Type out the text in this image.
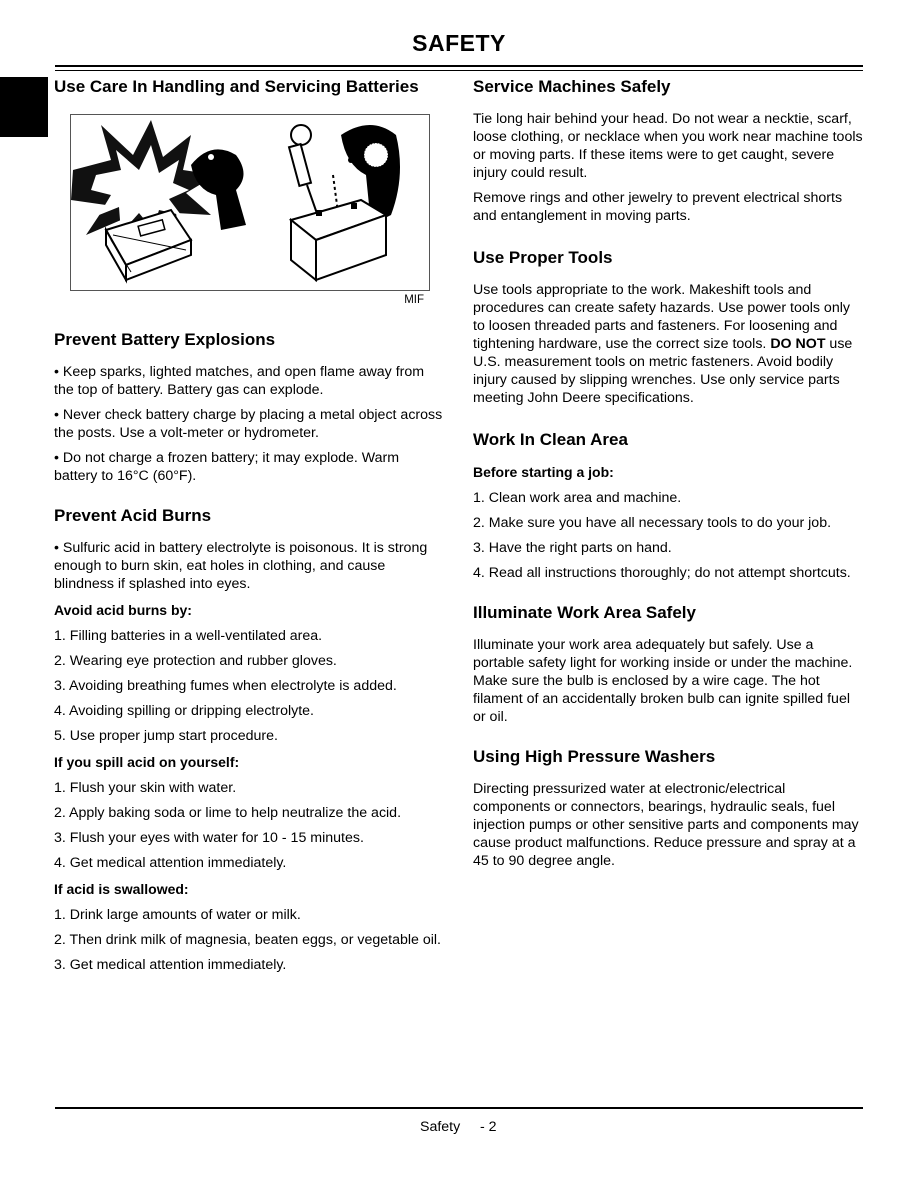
SAFETY
Use Care In Handling and Servicing Batteries
MIF
Prevent Battery Explosions

• Keep sparks, lighted matches, and open flame away from the top of battery. Battery gas can explode.

• Never check battery charge by placing a metal object across the posts. Use a volt-meter or hydrometer.

• Do not charge a frozen battery; it may explode. Warm battery to 16°C (60°F).

Prevent Acid Burns

• Sulfuric acid in battery electrolyte is poisonous. It is strong enough to burn skin, eat holes in clothing, and cause blindness if splashed into eyes.

Avoid acid burns by:

1. Filling batteries in a well-ventilated area.

2. Wearing eye protection and rubber gloves.

3. Avoiding breathing fumes when electrolyte is added.

4. Avoiding spilling or dripping electrolyte.

5. Use proper jump start procedure.

If you spill acid on yourself:

1. Flush your skin with water.

2. Apply baking soda or lime to help neutralize the acid.

3. Flush your eyes with water for 10 - 15 minutes.

4. Get medical attention immediately.

If acid is swallowed:

1. Drink large amounts of water or milk.

2. Then drink milk of magnesia, beaten eggs, or vegetable oil.

3. Get medical attention immediately.

Service Machines Safely

Tie long hair behind your head. Do not wear a necktie, scarf, loose clothing, or necklace when you work near machine tools or moving parts. If these items were to get caught, severe injury could result.

Remove rings and other jewelry to prevent electrical shorts and entanglement in moving parts.

Use Proper Tools

Use tools appropriate to the work. Makeshift tools and procedures can create safety hazards. Use power tools only to loosen threaded parts and fasteners. For loosening and tightening hardware, use the correct size tools. DO NOT use U.S. measurement tools on metric fasteners. Avoid bodily injury caused by slipping wrenches. Use only service parts meeting John Deere specifications.

Work In Clean Area
Before starting a job:

1. Clean work area and machine.

2. Make sure you have all necessary tools to do your job.

3. Have the right parts on hand.

4. Read all instructions thoroughly; do not attempt shortcuts.

Illuminate Work Area Safely

Illuminate your work area adequately but safely. Use a portable safety light for working inside or under the machine. Make sure the bulb is enclosed by a wire cage. The hot filament of an accidentally broken bulb can ignite spilled fuel or oil.

Using High Pressure Washers

Directing pressurized water at electronic/electrical components or connectors, bearings, hydraulic seals, fuel injection pumps or other sensitive parts and components may cause product malfunctions. Reduce pressure and spray at a 45 to 90 degree angle.

Safety - 2
